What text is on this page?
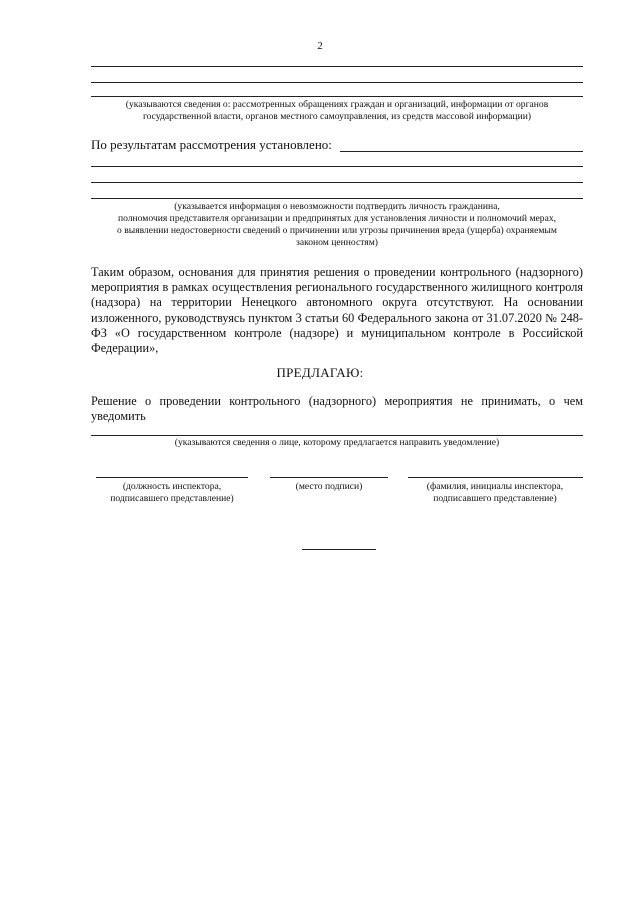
2
(указываются сведения о: рассмотренных обращениях граждан и организаций, информации от органов
государственной власти, органов местного самоуправления, из средств массовой информации)
По результатам рассмотрения установлено:
(указывается информация о невозможности подтвердить личность гражданина,
полномочия представителя организации и предпринятых для установления личности и полномочий мерах,
о выявлении недостоверности сведений о причинении или угрозы причинения вреда (ущерба) охраняемым
законом ценностям)
Таким образом, основания для принятия решения о проведении контрольного (надзорного) мероприятия в рамках осуществления регионального государственного жилищного контроля (надзора) на территории Ненецкого автономного округа отсутствуют. На основании изложенного, руководствуясь пунктом 3 статьи 60 Федерального закона от 31.07.2020 № 248-ФЗ «О государственном контроле (надзоре) и муниципальном контроле в Российской Федерации»,
ПРЕДЛАГАЮ:
Решение о проведении контрольного (надзорного) мероприятия не принимать, о чем уведомить
(указываются сведения о лице, которому предлагается направить уведомление)
(должность инспектора,
подписавшего представление)
(место подписи)	(фамилия, инициалы инспектора,
подписавшего представление)
